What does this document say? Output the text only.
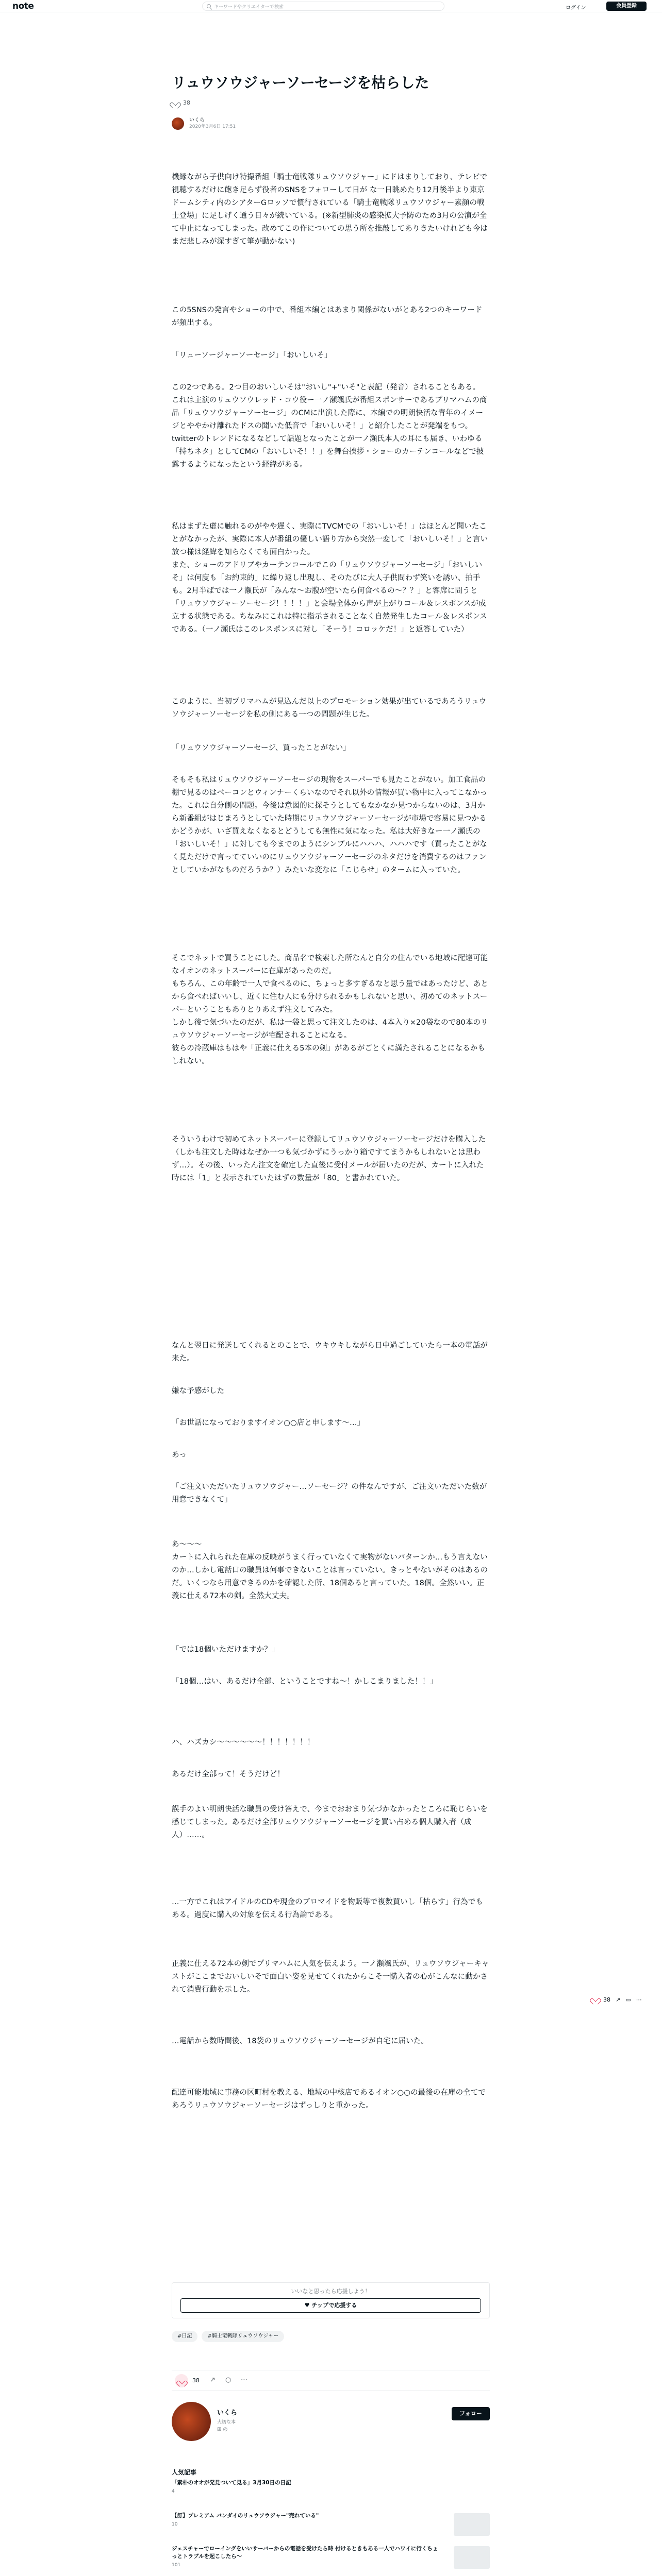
note	キーワードやクリエイターで検索	ログイン	会員登録
リュウソウジャーソーセージを枯らした
38
いくら
2020年3月6日 17:51

機縁ながら子供向け特撮番組「騎士竜戦隊リュウソウジャー」にドはまりしており、テレビで視聴するだけに飽き足らず役者のSNSをフォローして日が な一日眺めたり12月後半より東京ドームシティ内のシアターGロッソで慣行されている「騎士竜戦隊リュウソウジャー素顔の戦士登場」に足しげく通う日々が続いている。(※新型肺炎の感染拡大予防のため3月の公演が全て中止になってしまった。改めてこの作についての思う所を推敲してありきたいけれども今はまだ悲しみが深すぎて筆が動かない)

この5SNSの発言やショーの中で、番組本編とはあまり関係がないがとある2つのキーワードが頻出する。

「リューソージャーソーセージ」「おいしいそ」

この2つである。2つ目のおいしいそは"おいし"+"いそ"と表記（発音）されることもある。
これは主演のリュウソウレッド・コウ役ー一ノ瀬颯氏が番組スポンサーであるプリマハムの商品「リュウソウジャーソーセージ」のCMに出演した際に、本編での明朗快活な青年のイメージとややかけ離れたドスの聞いた低音で「おいしいそ！」と紹介したことが発端をもつ。twitterのトレンドになるなどして話題となったことが一ノ瀬氏本人の耳にも届き、いわゆる「持ちネタ」としてCMの「おいしいそ！！」を舞台挨拶・ショーのカーテンコールなどで披露するようになったという経緯がある。

私はまずた虚に触れるのがやや遅く、実際にTVCMでの「おいしいそ！」はほとんど聞いたことがなかったが、実際に本人が番組の優しい語り方から突然一変して「おいしいそ！」と言い放つ様は経緯を知らなくても面白かった。
また、ショーのアドリブやカーテンコールでこの「リュウソウジャーソーセージ」「おいしいそ」は何度も「お約束的」に繰り返し出現し、そのたびに大人子供問わず笑いを誘い、拍手も。2月半ばでは一ノ瀬氏が「みんな〜お腹が空いたら何食べるの〜？？」と客席に問うと「リュウソウジャーソーセージ！！！！」と会場全体から声が上がりコール＆レスポンスが成立する状態である。ちなみにこれは特に指示されることなく自然発生したコール＆レスポンスである。（一ノ瀬氏はこのレスポンスに対し「そーう！コロッケだ！」と返答していた）

このように、当初プリマハムが見込んだ以上のプロモーション効果が出ているであろうリュウソウジャーソーセージを私の側にある一つの問題が生じた。

「リュウソウジャーソーセージ、買ったことがない」

そもそも私はリュウソウジャーソーセージの現物をスーパーでも見たことがない。加工食品の棚で見るのはベーコンとウィンナーくらいなのでそれ以外の情報が買い物中に入ってこなかった。これは自分側の問題。今後は意図的に探そうとしてもなかなか見つからないのは、3月から新番組がはじまろうとしていた時期にリュウソウジャーソーセージが市場で容易に見つかるかどうかが、いざ買えなくなるとどうしても無性に気になった。私は大好きなー一ノ瀬氏の「おいしいそ！」に対しても今までのようにシンプルにハハハ、ハハハです（買ったことがなく見ただけで言ってていいのにリュウソウジャーソーセージのネタだけを消費するのはファンとしていかがなものだろうか？）みたいな変なに「こじらせ」のタームに入っていた。

そこでネットで買うことにした。商品名で検索した所なんと自分の住んでいる地域に配達可能なイオンのネットスーパーに在庫があったのだ。
もちろん、この年齢で一人で食べるのに、ちょっと多すぎるなと思う量ではあったけど、あとから食べればいいし、近くに住む人にも分けられるかもしれないと思い、初めてのネットスーパーということもありとりあえず注文してみた。
しかし後で気づいたのだが、私は一袋と思って注文したのは、4本入り×20袋なので80本のリュウソウジャーソーセージが宅配されることになる。
彼らの冷蔵庫はもはや「正義に仕える5本の剣」があるがごとくに満たされることになるかもしれない。

そういうわけで初めてネットスーパーに登録してリュウソウジャーソーセージだけを購入した（しかも注文した時はなぜか一つも気づかずにうっかり箱ですてまうかもしれないとは思わず…）。その後、いったん注文を確定した直後に受付メールが届いたのだが、カートに入れた時には「1」と表示されていたはずの数量が「80」と書かれていた。

なんと翌日に発送してくれるとのことで、ウキウキしながら日中過ごしていたら一本の電話が来た。

嫌な予感がした

「お世話になっておりますイオン○○店と申します〜…」

あっ

「ご注文いただいたリュウソウジャー…ソーセージ？の件なんですが、ご注文いただいた数が用意できなくて」

あ〜〜〜
カートに入れられた在庫の反映がうまく行っていなくて実物がないパターンか…もう言えないのか…しかし電話口の職員は何事できないことは言っていない。きっとやないがそのはあるのだ。いくつなら用意できるのかを確認した所、18個あると言っていた。18個。全然いい。正義に仕える72本の剣。全然大丈夫。

「では18個いただけますか？」

「18個…はい、あるだけ全部、ということですね〜！かしこまりました！！」

ハ、ハズカシ〜〜〜〜〜〜！！！！！！！

あるだけ全部って！そうだけど！

誤手のよい明朗快活な職員の受け答えで、今までおおまり気づかなかったところに恥じらいを感じてしまった。あるだけ全部リュウソウジャーソーセージを買い占める個人購入者（成人）……。

…一方でこれはアイドルのCDや現金のブロマイドを物販等で複数買いし「枯らす」行為でもある。過度に購入の対象を伝える行為論である。

正義に仕える72本の剣でプリマハムに人気を伝えよう。一ノ瀬颯氏が、リュウソウジャーキャストがここまでおいしいそで面白い姿を見せてくれたからこそ一購入者の心がこんなに動かされて消費行動を示した。

…電話から数時間後、18袋のリュウソウジャーソーセージが自宅に届いた。

配達可能地域に事務の区町村を教える、地域の中核店であるイオン○○の最後の在庫の全てであろうリュウソウジャーソーセージはずっしりと重かった。

いいなと思ったら応援しよう！
♥ チップで応援する
#日記	#騎士竜戦隊リュウソウジャー
38 ↗ ○ ⋯
いくら
大切な本
⊞ ◎
フォロー
人気記事
「素朴のオオが発見ついて見る」3月30日の日記
4
【訂】プレミアム バンダイのリュウソウジャー"売れている"
10
ジェスチャーでローイングをいいサーバーからの電話を受けたら時 付けるときもある一人でハワイに行くちょっとトラブルを起こしたら〜
101
38 ↗ ▭ ⋯
